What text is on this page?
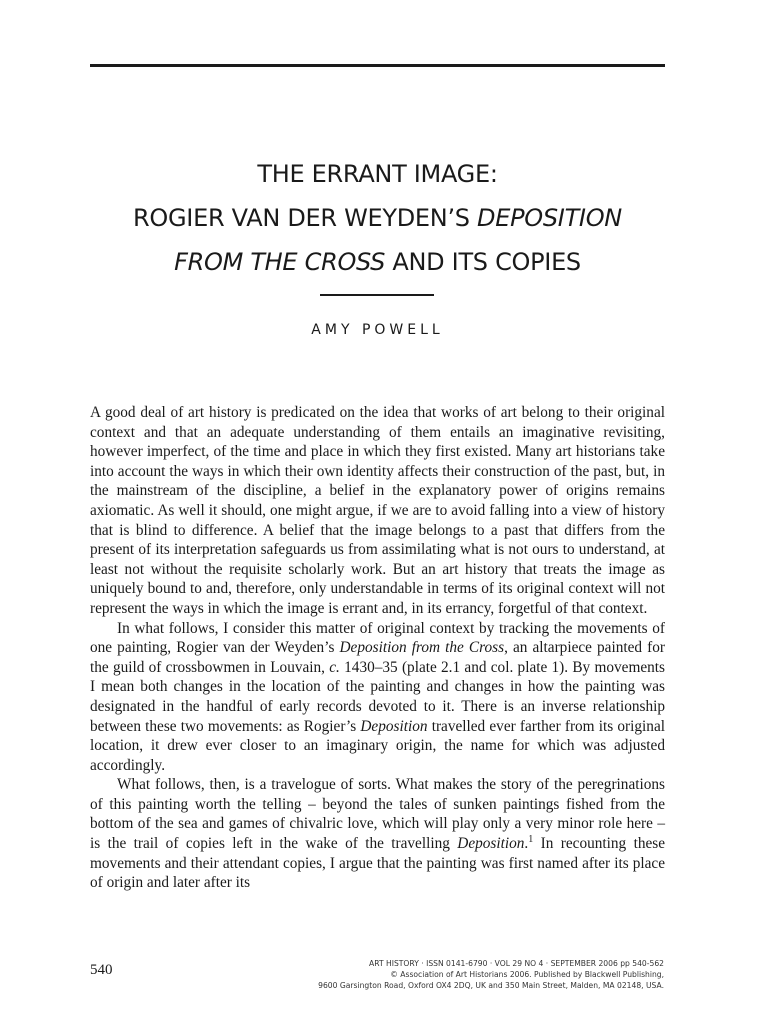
THE ERRANT IMAGE:
ROGIER VAN DER WEYDEN’S DEPOSITION
FROM THE CROSS AND ITS COPIES
AMY POWELL

A good deal of art history is predicated on the idea that works of art belong to their original context and that an adequate understanding of them entails an imaginative revisiting, however imperfect, of the time and place in which they first existed. Many art historians take into account the ways in which their own identity affects their construction of the past, but, in the mainstream of the discipline, a belief in the explanatory power of origins remains axiomatic. As well it should, one might argue, if we are to avoid falling into a view of history that is blind to difference. A belief that the image belongs to a past that differs from the present of its interpretation safeguards us from assimilating what is not ours to understand, at least not without the requisite scholarly work. But an art history that treats the image as uniquely bound to and, therefore, only understandable in terms of its original context will not represent the ways in which the image is errant and, in its errancy, forgetful of that context.

In what follows, I consider this matter of original context by tracking the movements of one painting, Rogier van der Weyden’s Deposition from the Cross, an altarpiece painted for the guild of crossbowmen in Louvain, c. 1430–35 (plate 2.1 and col. plate 1). By movements I mean both changes in the location of the painting and changes in how the painting was designated in the handful of early records devoted to it. There is an inverse relationship between these two movements: as Rogier’s Deposition travelled ever farther from its original location, it drew ever closer to an imaginary origin, the name for which was adjusted accordingly.

What follows, then, is a travelogue of sorts. What makes the story of the peregrinations of this painting worth the telling – beyond the tales of sunken paintings fished from the bottom of the sea and games of chivalric love, which will play only a very minor role here – is the trail of copies left in the wake of the travelling Deposition.$^1$ In recounting these movements and their attendant copies, I argue that the painting was first named after its place of origin and later after its

540	ART HISTORY · ISSN 0141-6790 · VOL 29 NO 4 · SEPTEMBER 2006 pp 540-562
© Association of Art Historians 2006. Published by Blackwell Publishing,
9600 Garsington Road, Oxford OX4 2DQ, UK and 350 Main Street, Malden, MA 02148, USA.
